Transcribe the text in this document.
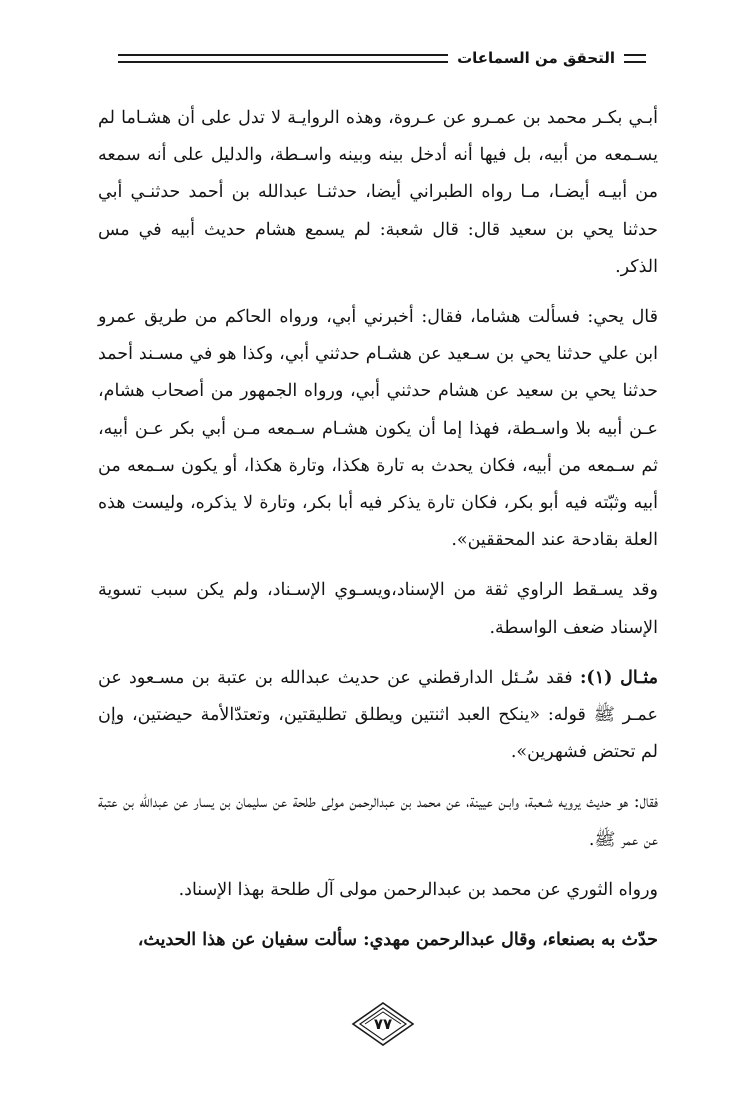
التحقق من السماعات

أبـي بكـر محمد بن عمـرو عن عـروة، وهذه الروايـة لا تدل على أن هشـاما لم يسـمعه من أبيه، بل فيها أنه أدخل بينه وبينه واسـطة، والدليل على أنه سمعه من أبيـه أيضـا، مـا رواه الطبراني أيضا، حدثنـا عبدالله بن أحمد حدثنـي أبي حدثنا يحي بن سعيد قال: قال شعبة: لم يسمع هشام حديث أبيه في مس الذكر.

قال يحي: فسألت هشاما، فقال: أخبرني أبي، ورواه الحاكم من طريق عمرو ابن علي حدثنا يحي بن سـعيد عن هشـام حدثني أبي، وكذا هو في مسـند أحمد حدثنا يحي بن سعيد عن هشام حدثني أبي، ورواه الجمهور من أصحاب هشام، عـن أبيه بلا واسـطة، فهذا إما أن يكون هشـام سـمعه مـن أبي بكر عـن أبيه، ثم سـمعه من أبيه، فكان يحدث به تارة هكذا، وتارة هكذا، أو يكون سـمعه من أبيه وثبّته فيه أبو بكر، فكان تارة يذكر فيه أبا بكر، وتارة لا يذكره، وليست هذه العلة بقادحة عند المحققين».

وقد يسـقط الراوي ثقة من الإسناد،ويسـوي الإسـناد، ولم يكن سبب تسوية الإسناد ضعف الواسطة.

مثـال (١): فقد سُـئل الدارقطني عن حديث عبدالله بن عتبة بن مسـعود عن عمـر ﷺ قوله: «ينكح العبد اثنتين ويطلق تطليقتين، وتعتدّالأمة حيضتين، وإن لم تحتض فشهرين».

فقال: هو حديث يرويه شـعبة، وابـن عيينة، عن محمد بن عبدالرحمن مولى طلحة عن سليمان بن يسار عن عبدالله بن عتبة عن عمر ﷺ.

ورواه الثوري عن محمد بن عبدالرحمن مولى آل طلحة بهذا الإسناد.

حدّث به بصنعاء، وقال عبدالرحمن مهدي: سألت سفيان عن هذا الحديث،

٧٧
